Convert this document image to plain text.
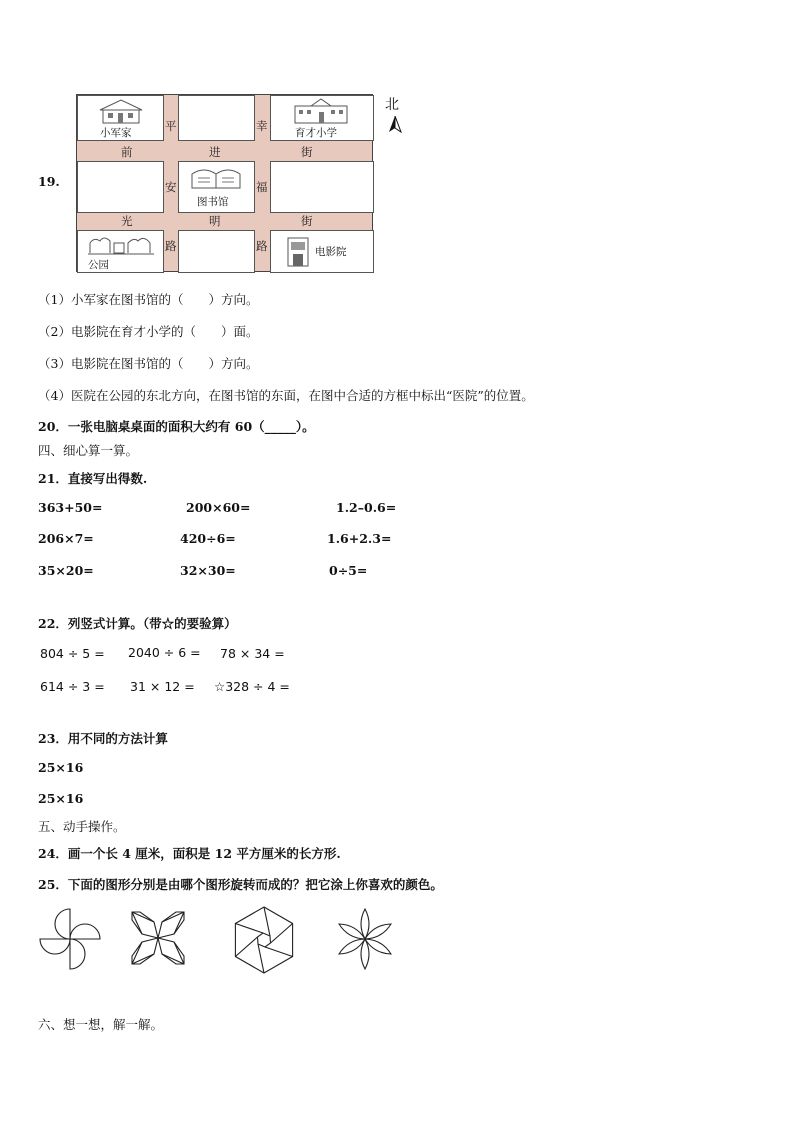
19.
小军家	育才小学
图书馆
公园
电影院
平
安
路
幸
福
路
前	进	街
光	明	街
北
（1）小军家在图书馆的（　　）方向。
（2）电影院在育才小学的（　　）面。
（3）电影院在图书馆的（　　）方向。
（4）医院在公园的东北方向，在图书馆的东面，在图中合适的方框中标出“医院”的位置。
20．一张电脑桌桌面的面积大约有 60（_____）。
四、细心算一算。
21．直接写出得数.
363+50=	200×60=	1.2–0.6=
206×7=	420÷6=	1.6+2.3=
35×20=	32×30=	0÷5=
22．列竖式计算。（带☆的要验算）
804 ÷ 5 = 2040 ÷ 6 = 78 × 34 =
614 ÷ 3 = 31 × 12 = ☆328 ÷ 4 =
23．用不同的方法计算
25×16
25×16
五、动手操作。
24．画一个长 4 厘米，面积是 12 平方厘米的长方形.
25．下面的图形分别是由哪个图形旋转而成的？把它涂上你喜欢的颜色。
六、想一想，解一解。
